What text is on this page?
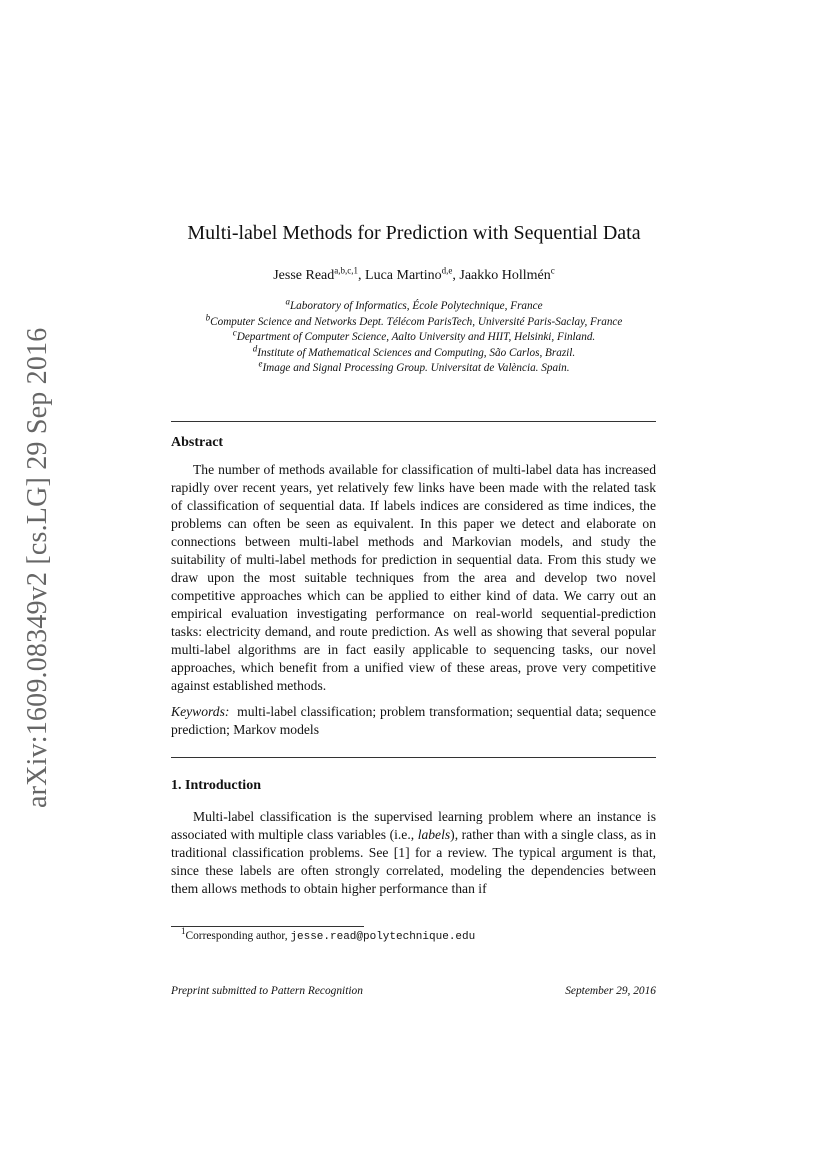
arXiv:1609.08349v2 [cs.LG] 29 Sep 2016
Multi-label Methods for Prediction with Sequential Data
Jesse Read$^{a,b,c,1}$, Luca Martino$^{d,e}$, Jaakko Hollmén$^c$
$^a$Laboratory of Informatics, École Polytechnique, France
$^b$Computer Science and Networks Dept. Télécom ParisTech, Université Paris-Saclay, France
$^c$Department of Computer Science, Aalto University and HIIT, Helsinki, Finland.
$^d$Institute of Mathematical Sciences and Computing, São Carlos, Brazil.
$^e$Image and Signal Processing Group. Universitat de València. Spain.
Abstract

The number of methods available for classification of multi-label data has increased rapidly over recent years, yet relatively few links have been made with the related task of classification of sequential data. If labels indices are considered as time indices, the problems can often be seen as equivalent. In this paper we detect and elaborate on connections between multi-label methods and Markovian models, and study the suitability of multi-label methods for prediction in sequential data. From this study we draw upon the most suitable techniques from the area and develop two novel competitive approaches which can be applied to either kind of data. We carry out an empirical evaluation investigating performance on real-world sequential-prediction tasks: electricity demand, and route prediction. As well as showing that several popular multi-label algorithms are in fact easily applicable to sequencing tasks, our novel approaches, which benefit from a unified view of these areas, prove very competitive against established methods.

Keywords: multi-label classification; problem transformation; sequential data; sequence prediction; Markov models

1. Introduction

Multi-label classification is the supervised learning problem where an instance is associated with multiple class variables (i.e., labels), rather than with a single class, as in traditional classification problems. See [1] for a review. The typical argument is that, since these labels are often strongly correlated, modeling the dependencies between them allows methods to obtain higher performance than if

$^1$Corresponding author, jesse.read@polytechnique.edu
Preprint submitted to Pattern Recognition	September 29, 2016
